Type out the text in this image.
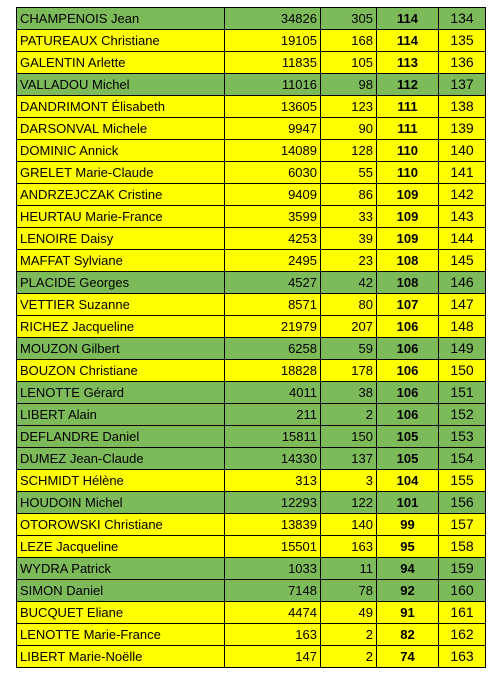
CHAMPENOIS Jean	34826	305	114	134
PATUREAUX Christiane	19105	168	114	135
GALENTIN Arlette	11835	105	113	136
VALLADOU Michel	11016	98	112	137
DANDRIMONT Élisabeth	13605	123	111	138
DARSONVAL Michele	9947	90	111	139
DOMINIC Annick	14089	128	110	140
GRELET Marie-Claude	6030	55	110	141
ANDRZEJCZAK Cristine	9409	86	109	142
HEURTAU Marie-France	3599	33	109	143
LENOIRE Daisy	4253	39	109	144
MAFFAT Sylviane	2495	23	108	145
PLACIDE Georges	4527	42	108	146
VETTIER Suzanne	8571	80	107	147
RICHEZ Jacqueline	21979	207	106	148
MOUZON Gilbert	6258	59	106	149
BOUZON Christiane	18828	178	106	150
LENOTTE Gérard	4011	38	106	151
LIBERT Alain	211	2	106	152
DEFLANDRE Daniel	15811	150	105	153
DUMEZ Jean-Claude	14330	137	105	154
SCHMIDT Hélène	313	3	104	155
HOUDOIN Michel	12293	122	101	156
OTOROWSKI Christiane	13839	140	99	157
LEZE Jacqueline	15501	163	95	158
WYDRA Patrick	1033	11	94	159
SIMON Daniel	7148	78	92	160
BUCQUET Eliane	4474	49	91	161
LENOTTE Marie-France	163	2	82	162
LIBERT Marie-Noëlle	147	2	74	163
